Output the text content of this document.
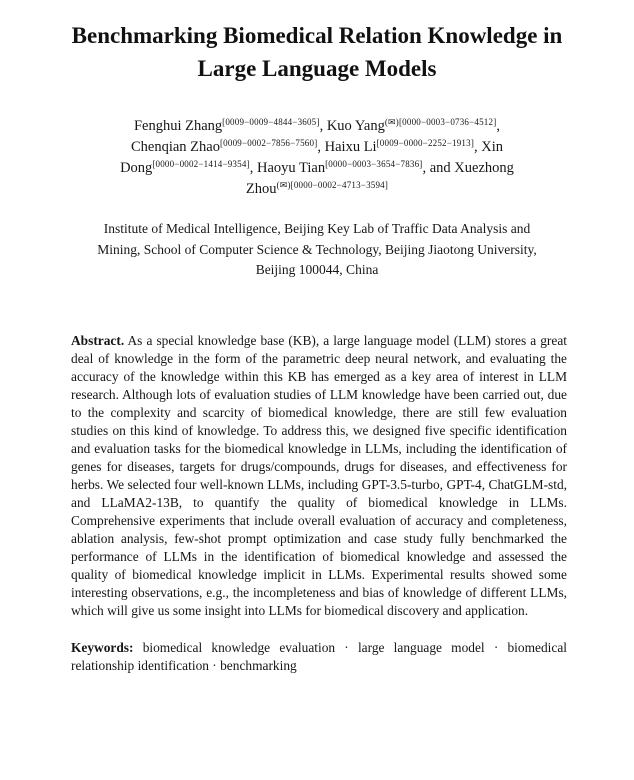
Benchmarking Biomedical Relation Knowledge in
Large Language Models
Fenghui Zhang[0009−0009−4844−3605], Kuo Yang$^{(✉)[0000-0003-0736-4512]}$,
Chenqian Zhao[0009−0002−7856−7560], Haixu Li[0009−0000−2252−1913], Xin
Dong[0000−0002−1414−9354], Haoyu Tian[0000−0003−3654−7836], and Xuezhong
Zhou$^{(✉)[0000-0002-4713-3594]}$
Institute of Medical Intelligence, Beijing Key Lab of Traffic Data Analysis and
Mining, School of Computer Science & Technology, Beijing Jiaotong University,
Beijing 100044, China

Abstract. As a special knowledge base (KB), a large language model (LLM) stores a great deal of knowledge in the form of the parametric deep neural network, and evaluating the accuracy of the knowledge within this KB has emerged as a key area of interest in LLM research. Although lots of evaluation studies of LLM knowledge have been carried out, due to the complexity and scarcity of biomedical knowledge, there are still few evaluation studies on this kind of knowledge. To address this, we designed five specific identification and evaluation tasks for the biomedical knowledge in LLMs, including the identification of genes for diseases, targets for drugs/compounds, drugs for diseases, and effectiveness for herbs. We selected four well-known LLMs, including GPT-3.5-turbo, GPT-4, ChatGLM-std, and LLaMA2-13B, to quantify the quality of biomedical knowledge in LLMs. Comprehensive experiments that include overall evaluation of accuracy and completeness, ablation analysis, few-shot prompt optimization and case study fully benchmarked the performance of LLMs in the identification of biomedical knowledge and assessed the quality of biomedical knowledge implicit in LLMs. Experimental results showed some interesting observations, e.g., the incompleteness and bias of knowledge of different LLMs, which will give us some insight into LLMs for biomedical discovery and application.

Keywords: biomedical knowledge evaluation · large language model · biomedical relationship identification · benchmarking
